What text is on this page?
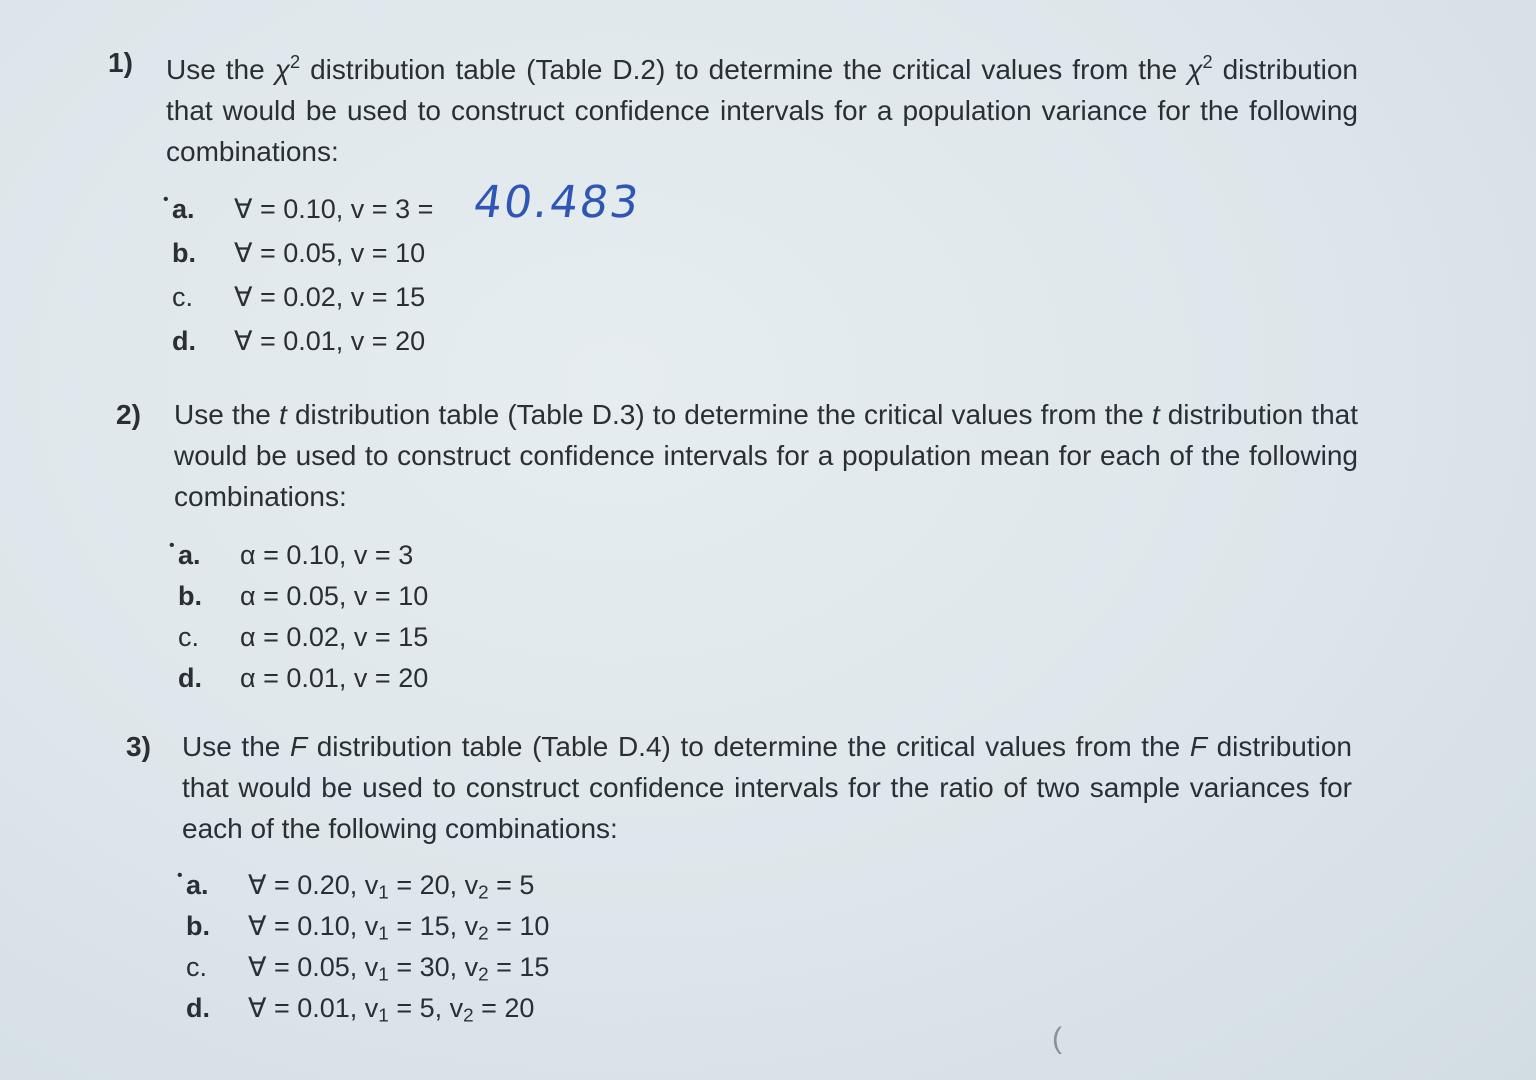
1) Use the $\chi^2$ distribution table (Table D.2) to determine the critical values from the $\chi^2$ distribution that would be used to construct confidence intervals for a population variance for the following combinations:
• a.	∀ = 0.10, v = 3 = 40.483
b.	∀ = 0.05, v = 10
c.	∀ = 0.02, v = 15
d.	∀ = 0.01, v = 20
2) Use the t distribution table (Table D.3) to determine the critical values from the t distribution that would be used to construct confidence intervals for a population mean for each of the following combinations:
• a.	α = 0.10, v = 3
b.	α = 0.05, v = 10
c.	α = 0.02, v = 15
d.	α = 0.01, v = 20
3) Use the F distribution table (Table D.4) to determine the critical values from the F distribution that would be used to construct confidence intervals for the ratio of two sample variances for each of the following combinations:
• a.	∀ = 0.20, $v_1 = 20$, $v_2 = 5$
b.	∀ = 0.10, $v_1 = 15$, $v_2 = 10$
c.	∀ = 0.05, $v_1 = 30$, $v_2 = 15$
d.	∀ = 0.01, $v_1 = 5$, $v_2 = 20$
(
